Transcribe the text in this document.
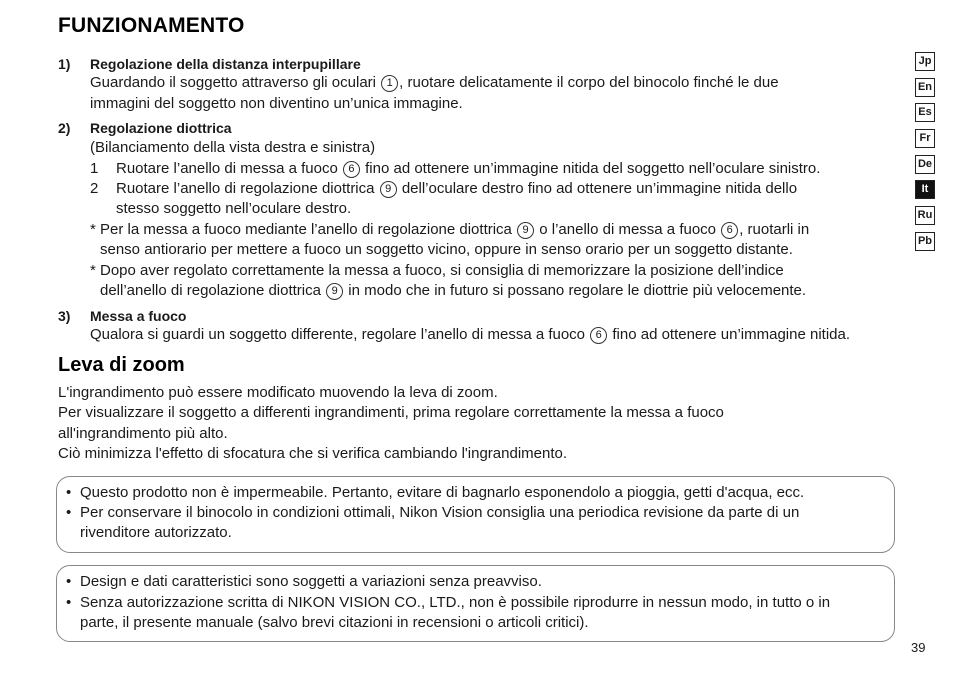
FUNZIONAMENTO
Jp
En
Es
Fr
De
It
Ru
Pb
1) Regolazione della distanza interpupillare
Guardando il soggetto attraverso gli oculari 1 , ruotare delicatamente il corpo del binocolo finché le due
immagini del soggetto non diventino un’unica immagine.
2) Regolazione diottrica
(Bilanciamento della vista destra e sinistra)
1 Ruotare l’anello di messa a fuoco 6 fino ad ottenere un’immagine nitida del soggetto nell’oculare sinistro.
2 Ruotare l’anello di regolazione diottrica 9 dell’oculare destro fino ad ottenere un’immagine nitida dello
stesso soggetto nell’oculare destro.
* Per la messa a fuoco mediante l’anello di regolazione diottrica 9 o l’anello di messa a fuoco 6 , ruotarli in
senso antiorario per mettere a fuoco un soggetto vicino, oppure in senso orario per un soggetto distante.
* Dopo aver regolato correttamente la messa a fuoco, si consiglia di memorizzare la posizione dell’indice
dell’anello di regolazione diottrica 9 in modo che in futuro si possano regolare le diottrie più velocemente.
3) Messa a fuoco
Qualora si guardi un soggetto differente, regolare l’anello di messa a fuoco 6 fino ad ottenere un’immagine nitida.
Leva di zoom
L'ingrandimento può essere modificato muovendo la leva di zoom.
Per visualizzare il soggetto a differenti ingrandimenti, prima regolare correttamente la messa a fuoco
all'ingrandimento più alto.
Ciò minimizza l'effetto di sfocatura che si verifica cambiando l'ingrandimento.
• Questo prodotto non è impermeabile. Pertanto, evitare di bagnarlo esponendolo a pioggia, getti d'acqua, ecc.
• Per conservare il binocolo in condizioni ottimali, Nikon Vision consiglia una periodica revisione da parte di un
rivenditore autorizzato.
• Design e dati caratteristici sono soggetti a variazioni senza preavviso.
• Senza autorizzazione scritta di NIKON VISION CO., LTD., non è possibile riprodurre in nessun modo, in tutto o in
parte, il presente manuale (salvo brevi citazioni in recensioni o articoli critici).
39
